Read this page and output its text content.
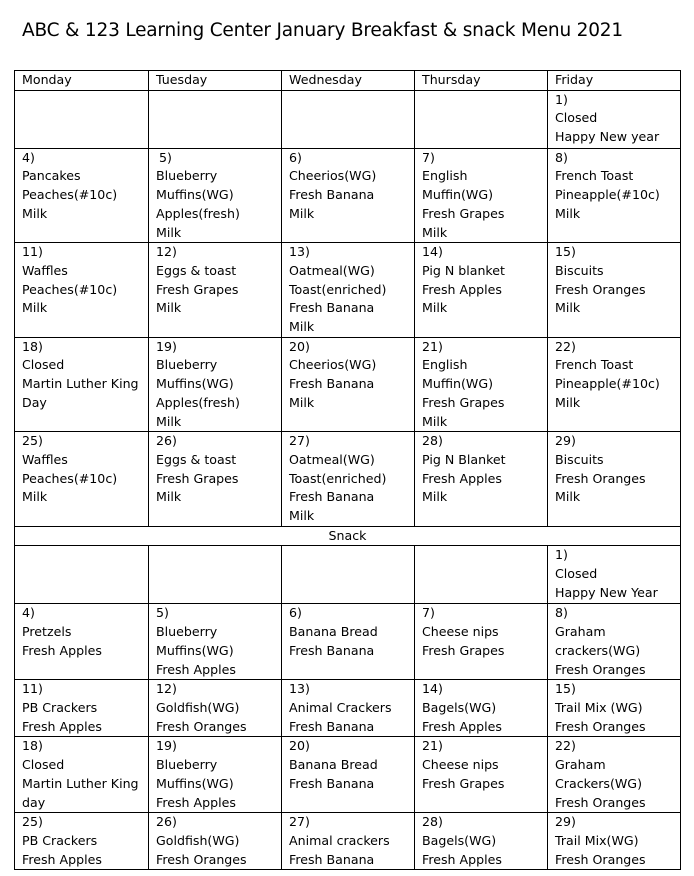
ABC & 123 Learning Center January Breakfast & snack Menu 2021
Monday	Tuesday	Wednesday	Thursday	Friday

				1)
Closed
Happy New year

4)
Pancakes
Peaches(#10c)
Milk	5)
Blueberry
Muffins(WG)
Apples(fresh)
Milk	6)
Cheerios(WG)
Fresh Banana
Milk	7)
English
Muffin(WG)
Fresh Grapes
Milk	8)
French Toast
Pineapple(#10c)
Milk

11)
Waffles
Peaches(#10c)
Milk	12)
Eggs & toast
Fresh Grapes
Milk	13)
Oatmeal(WG)
Toast(enriched)
Fresh Banana
Milk	14)
Pig N blanket
Fresh Apples
Milk	15)
Biscuits
Fresh Oranges
Milk

18)
Closed
Martin Luther King
Day	19)
Blueberry
Muffins(WG)
Apples(fresh)
Milk	20)
Cheerios(WG)
Fresh Banana
Milk	21)
English
Muffin(WG)
Fresh Grapes
Milk	22)
French Toast
Pineapple(#10c)
Milk

25)
Waffles
Peaches(#10c)
Milk	26)
Eggs & toast
Fresh Grapes
Milk	27)
Oatmeal(WG)
Toast(enriched)
Fresh Banana
Milk	28)
Pig N Blanket
Fresh Apples
Milk	29)
Biscuits
Fresh Oranges
Milk

Snack				

				1)
Closed
Happy New Year

4)
Pretzels
Fresh Apples	5)
Blueberry
Muffins(WG)
Fresh Apples	6)
Banana Bread
Fresh Banana	7)
Cheese nips
Fresh Grapes	8)
Graham
crackers(WG)
Fresh Oranges

11)
PB Crackers
Fresh Apples	12)
Goldfish(WG)
Fresh Oranges	13)
Animal Crackers
Fresh Banana	14)
Bagels(WG)
Fresh Apples	15)
Trail Mix (WG)
Fresh Oranges

18)
Closed
Martin Luther King
day	19)
Blueberry
Muffins(WG)
Fresh Apples	20)
Banana Bread
Fresh Banana	21)
Cheese nips
Fresh Grapes	22)
Graham
Crackers(WG)
Fresh Oranges

25)
PB Crackers
Fresh Apples	26)
Goldfish(WG)
Fresh Oranges	27)
Animal crackers
Fresh Banana	28)
Bagels(WG)
Fresh Apples	29)
Trail Mix(WG)
Fresh Oranges
